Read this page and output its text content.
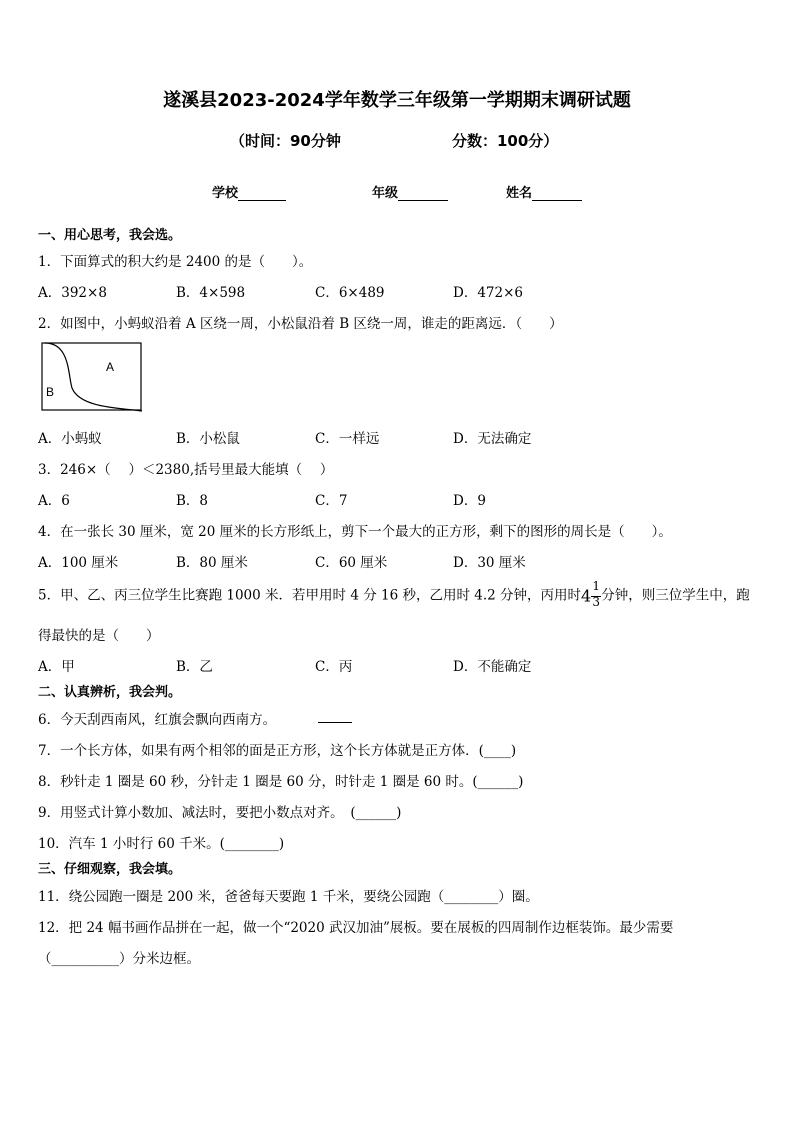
遂溪县2023-2024学年数学三年级第一学期期末调研试题
（时间：90分钟	分数：100分）
学校	年级	姓名
一、用心思考，我会选。
1．下面算式的积大约是 2400 的是（　　）。
A．392×8	B．4×598	C．6×489	D．472×6
2．如图中，小蚂蚁沿着 A 区绕一周，小松鼠沿着 B 区绕一周，谁走的距离远．（　　）
A
B
A．小蚂蚁	B．小松鼠	C．一样远	D．无法确定
3．246×（　 ）＜2380,括号里最大能填（　 ）
A．6	B．8	C．7	D．9
4．在一张长 30 厘米，宽 20 厘米的长方形纸上，剪下一个最大的正方形，剩下的图形的周长是（　　）。
A．100 厘米	B．80 厘米	C．60 厘米	D．30 厘米
5．甲、乙、丙三位学生比赛跑 1000 米．若甲用时 4 分 16 秒，乙用时 4.2 分钟，丙用时$4 \frac{1}{3}$ 分钟，则三位学生中，跑
得最快的是（　　）
A．甲	B．乙	C．丙	D．不能确定
二、认真辨析，我会判。
6．今天刮西南风，红旗会飘向西南方。
7．一个长方体，如果有两个相邻的面是正方形，这个长方体就是正方体．(____)
8．秒针走 1 圈是 60 秒，分针走 1 圈是 60 分，时针走 1 圈是 60 时。(______)
9．用竖式计算小数加、减法时，要把小数点对齐。　(______)
10．汽车 1 小时行 60 千米。(________)
三、仔细观察，我会填。
11．绕公园跑一圈是 200 米，爸爸每天要跑 1 千米，要绕公园跑（________）圈。
12．把 24 幅书画作品拼在一起，做一个“2020 武汉加油”展板。要在展板的四周制作边框装饰。最少需要
（__________）分米边框。
